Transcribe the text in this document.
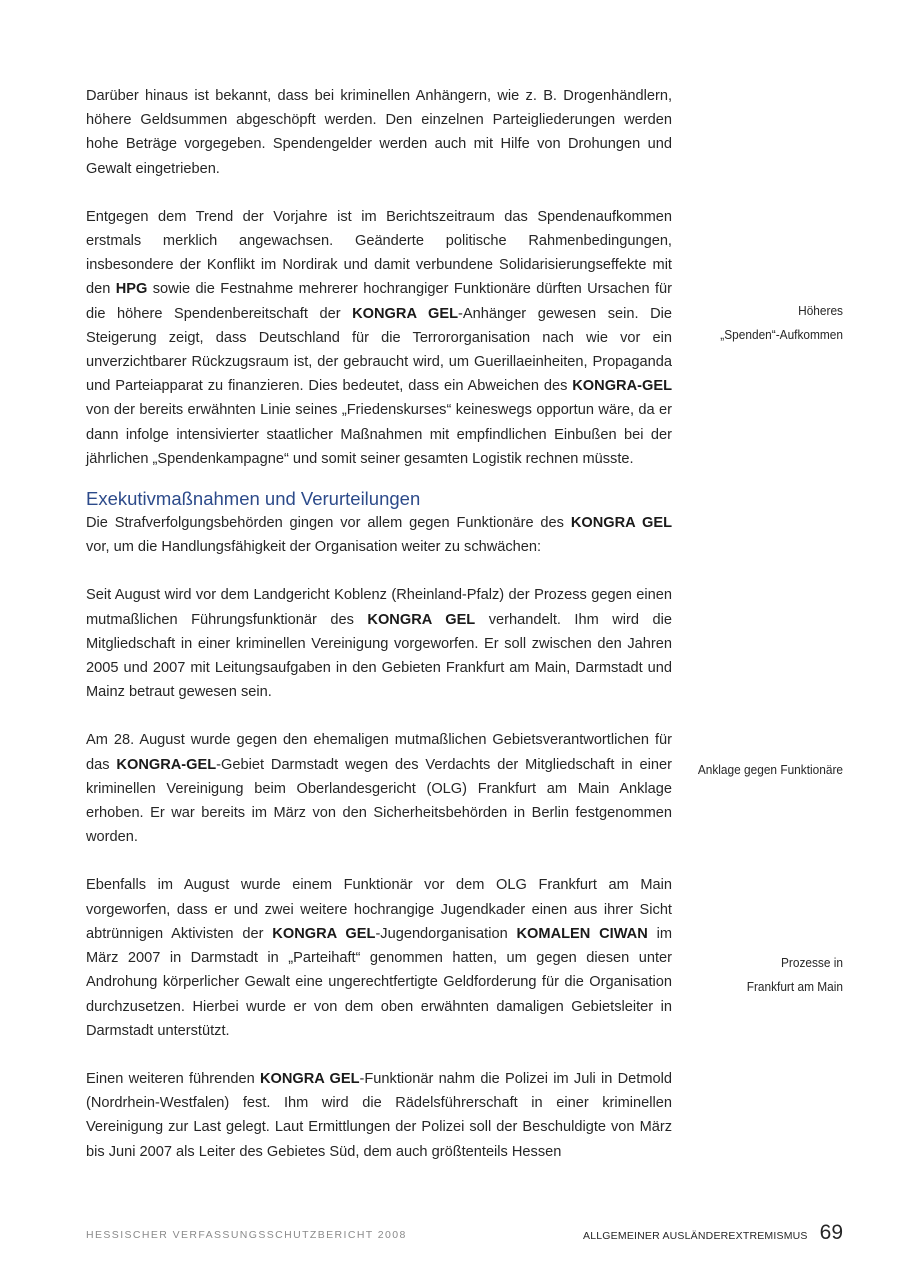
Darüber hinaus ist bekannt, dass bei kriminellen Anhängern, wie z. B. Drogenhändlern, höhere Geldsummen abgeschöpft werden. Den einzelnen Parteigliederungen werden hohe Beträge vorgegeben. Spendengelder werden auch mit Hilfe von Drohungen und Gewalt eingetrieben.

Entgegen dem Trend der Vorjahre ist im Berichtszeitraum das Spendenaufkommen erstmals merklich angewachsen. Geänderte politische Rahmenbedingungen, insbesondere der Konflikt im Nordirak und damit verbundene Solidarisierungseffekte mit den HPG sowie die Festnahme mehrerer hochrangiger Funktionäre dürften Ursachen für die höhere Spendenbereitschaft der KONGRA GEL-Anhänger gewesen sein. Die Steigerung zeigt, dass Deutschland für die Terrororganisation nach wie vor ein unverzichtbarer Rückzugsraum ist, der gebraucht wird, um Guerillaeinheiten, Propaganda und Parteiapparat zu finanzieren. Dies bedeutet, dass ein Abweichen des KONGRA-GEL von der bereits erwähnten Linie seines „Friedenskurses“ keineswegs opportun wäre, da er dann infolge intensivierter staatlicher Maßnahmen mit empfindlichen Einbußen bei der jährlichen „Spendenkampagne“ und somit seiner gesamten Logistik rechnen müsste.

Exekutivmaßnahmen und Verurteilungen

Die Strafverfolgungsbehörden gingen vor allem gegen Funktionäre des KONGRA GEL vor, um die Handlungsfähigkeit der Organisation weiter zu schwächen:

Seit August wird vor dem Landgericht Koblenz (Rheinland-Pfalz) der Prozess gegen einen mutmaßlichen Führungsfunktionär des KONGRA GEL verhandelt. Ihm wird die Mitgliedschaft in einer kriminellen Vereinigung vorgeworfen. Er soll zwischen den Jahren 2005 und 2007 mit Leitungsaufgaben in den Gebieten Frankfurt am Main, Darmstadt und Mainz betraut gewesen sein.

Am 28. August wurde gegen den ehemaligen mutmaßlichen Gebietsverantwortlichen für das KONGRA-GEL-Gebiet Darmstadt wegen des Verdachts der Mitgliedschaft in einer kriminellen Vereinigung beim Oberlandesgericht (OLG) Frankfurt am Main Anklage erhoben. Er war bereits im März von den Sicherheitsbehörden in Berlin festgenommen worden.

Ebenfalls im August wurde einem Funktionär vor dem OLG Frankfurt am Main vorgeworfen, dass er und zwei weitere hochrangige Jugendkader einen aus ihrer Sicht abtrünnigen Aktivisten der KONGRA GEL-Jugendorganisation KOMALEN CIWAN im März 2007 in Darmstadt in „Parteihaft“ genommen hatten, um gegen diesen unter Androhung körperlicher Gewalt eine ungerechtfertigte Geldforderung für die Organisation durchzusetzen. Hierbei wurde er von dem oben erwähnten damaligen Gebietsleiter in Darmstadt unterstützt.

Einen weiteren führenden KONGRA GEL-Funktionär nahm die Polizei im Juli in Detmold (Nordrhein-Westfalen) fest. Ihm wird die Rädelsführerschaft in einer kriminellen Vereinigung zur Last gelegt. Laut Ermittlungen der Polizei soll der Beschuldigte von März bis Juni 2007 als Leiter des Gebietes Süd, dem auch größtenteils Hessen

Höheres
„Spenden“-Aufkommen
Anklage gegen Funktionäre
Prozesse in
Frankfurt am Main
HESSISCHER VERFASSUNGSSCHUTZBERICHT 2008	ALLGEMEINER AUSLÄNDEREXTREMISMUS 69
